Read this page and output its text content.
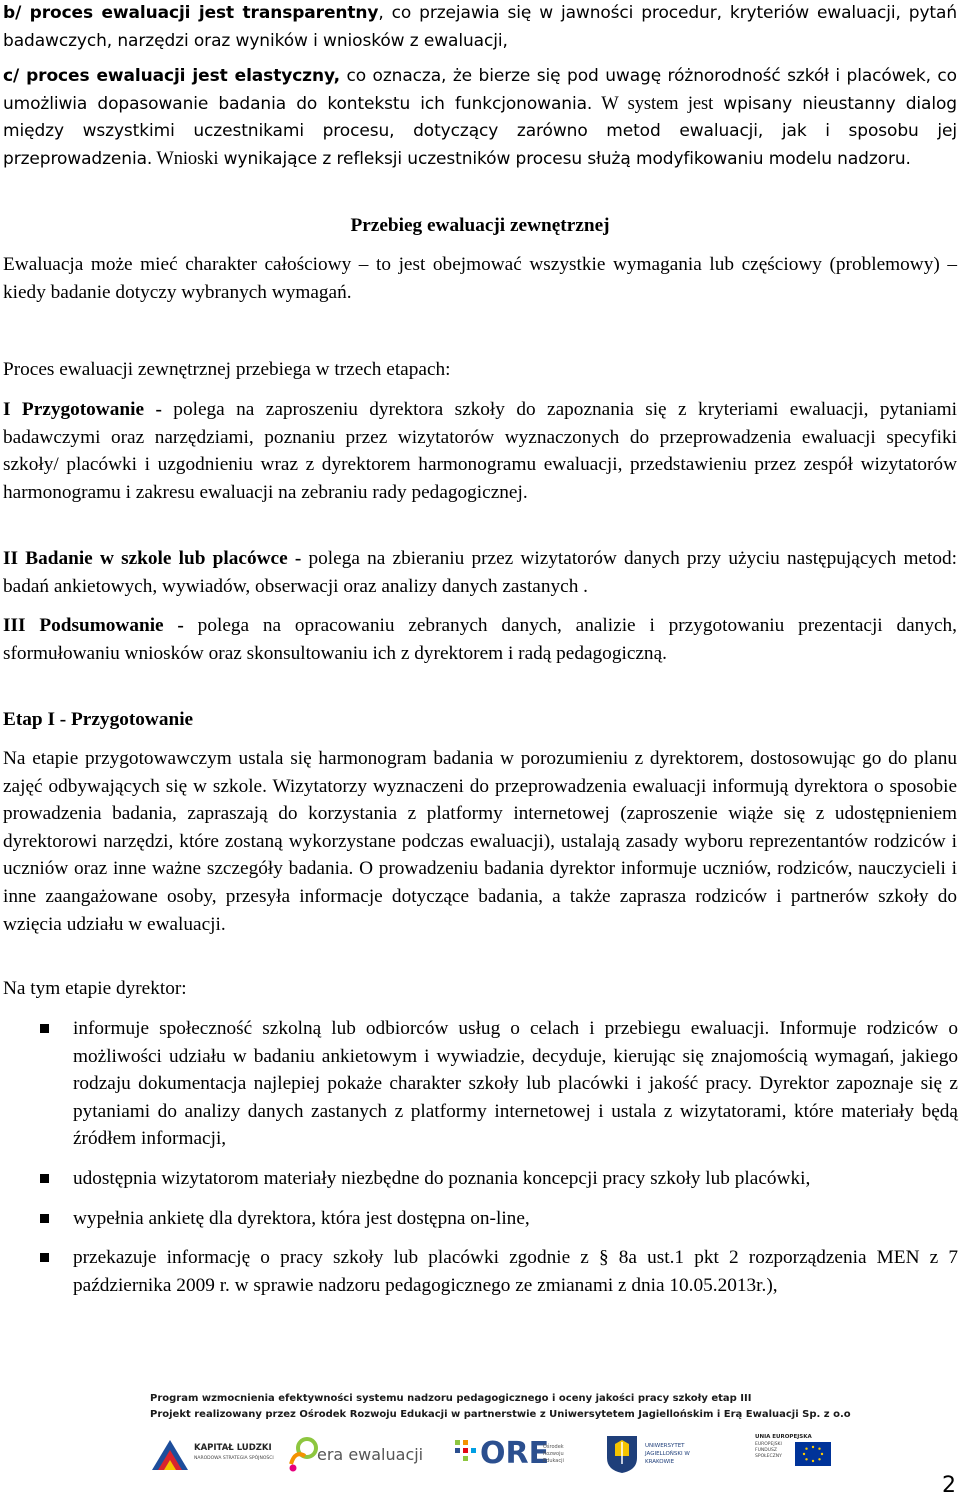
b/ proces ewaluacji jest transparentny, co przejawia się w jawności procedur, kryteriów ewaluacji, pytań badawczych, narzędzi oraz wyników i wniosków z ewaluacji,

c/ proces ewaluacji jest elastyczny, co oznacza, że bierze się pod uwagę różnorodność szkół i placówek, co umożliwia dopasowanie badania do kontekstu ich funkcjonowania. W system jest wpisany nieustanny dialog między wszystkimi uczestnikami procesu, dotyczący zarówno metod ewaluacji, jak i sposobu jej przeprowadzenia. Wnioski wynikające z refleksji uczestników procesu służą modyfikowaniu modelu nadzoru.

Przebieg ewaluacji zewnętrznej

Ewaluacja może mieć charakter całościowy – to jest obejmować wszystkie wymagania lub częściowy (problemowy) – kiedy badanie dotyczy wybranych wymagań.

Proces ewaluacji zewnętrznej przebiega w trzech etapach:

I Przygotowanie - polega na zaproszeniu dyrektora szkoły do zapoznania się z kryteriami ewaluacji, pytaniami badawczymi oraz narzędziami, poznaniu przez wizytatorów wyznaczonych do przeprowadzenia ewaluacji specyfiki szkoły/ placówki i uzgodnieniu wraz z dyrektorem harmonogramu ewaluacji, przedstawieniu przez zespół wizytatorów harmonogramu i zakresu ewaluacji na zebraniu rady pedagogicznej.

II Badanie w szkole lub placówce - polega na zbieraniu przez wizytatorów danych przy użyciu następujących metod: badań ankietowych, wywiadów, obserwacji oraz analizy danych zastanych .

III Podsumowanie - polega na opracowaniu zebranych danych, analizie i przygotowaniu prezentacji danych, sformułowaniu wniosków oraz skonsultowaniu ich z dyrektorem i radą pedagogiczną.

Etap I - Przygotowanie

Na etapie przygotowawczym ustala się harmonogram badania w porozumieniu z dyrektorem, dostosowując go do planu zajęć odbywających się w szkole. Wizytatorzy wyznaczeni do przeprowadzenia ewaluacji informują dyrektora o sposobie prowadzenia badania, zapraszają do korzystania z platformy internetowej (zaproszenie wiąże się z udostępnieniem dyrektorowi narzędzi, które zostaną wykorzystane podczas ewaluacji), ustalają zasady wyboru reprezentantów rodziców i uczniów oraz inne ważne szczegóły badania. O prowadzeniu badania dyrektor informuje uczniów, rodziców, nauczycieli i inne zaangażowane osoby, przesyła informacje dotyczące badania, a także zaprasza rodziców i partnerów szkoły do wzięcia udziału w ewaluacji.

Na tym etapie dyrektor:

informuje społeczność szkolną lub odbiorców usług o celach i przebiegu ewaluacji. Informuje rodziców o możliwości udziału w badaniu ankietowym i wywiadzie, decyduje, kierując się znajomością wymagań, jakiego rodzaju dokumentacja najlepiej pokaże charakter szkoły lub placówki i jakość pracy. Dyrektor zapoznaje się z pytaniami do analizy danych zastanych z platformy internetowej i ustala z wizytatorami, które materiały będą źródłem informacji,
udostępnia wizytatorom materiały niezbędne do poznania koncepcji pracy szkoły lub placówki,
wypełnia ankietę dla dyrektora, która jest dostępna on-line,
przekazuje informację o pracy szkoły lub placówki zgodnie z § 8a ust.1 pkt 2 rozporządzenia MEN z 7 października 2009 r. w sprawie nadzoru pedagogicznego ze zmianami z dnia 10.05.2013r.),
Program wzmocnienia efektywności systemu nadzoru pedagogicznego i oceny jakości pracy szkoły etap III
Projekt realizowany przez Ośrodek Rozwoju Edukacji w partnerstwie z Uniwersytetem Jagiellońskim i Erą Ewaluacji Sp. z o.o
KAPITAŁ LUDZKI
NARODOWA STRATEGIA SPÓJNOŚCI	era ewaluacji ORE
Ośrodek Rozwoju Edukacji
UNIWERSYTET JAGIELLOŃSKI W KRAKOWIE
UNIA EUROPEJSKA
EUROPEJSKI FUNDUSZ SPOŁECZNY
2
